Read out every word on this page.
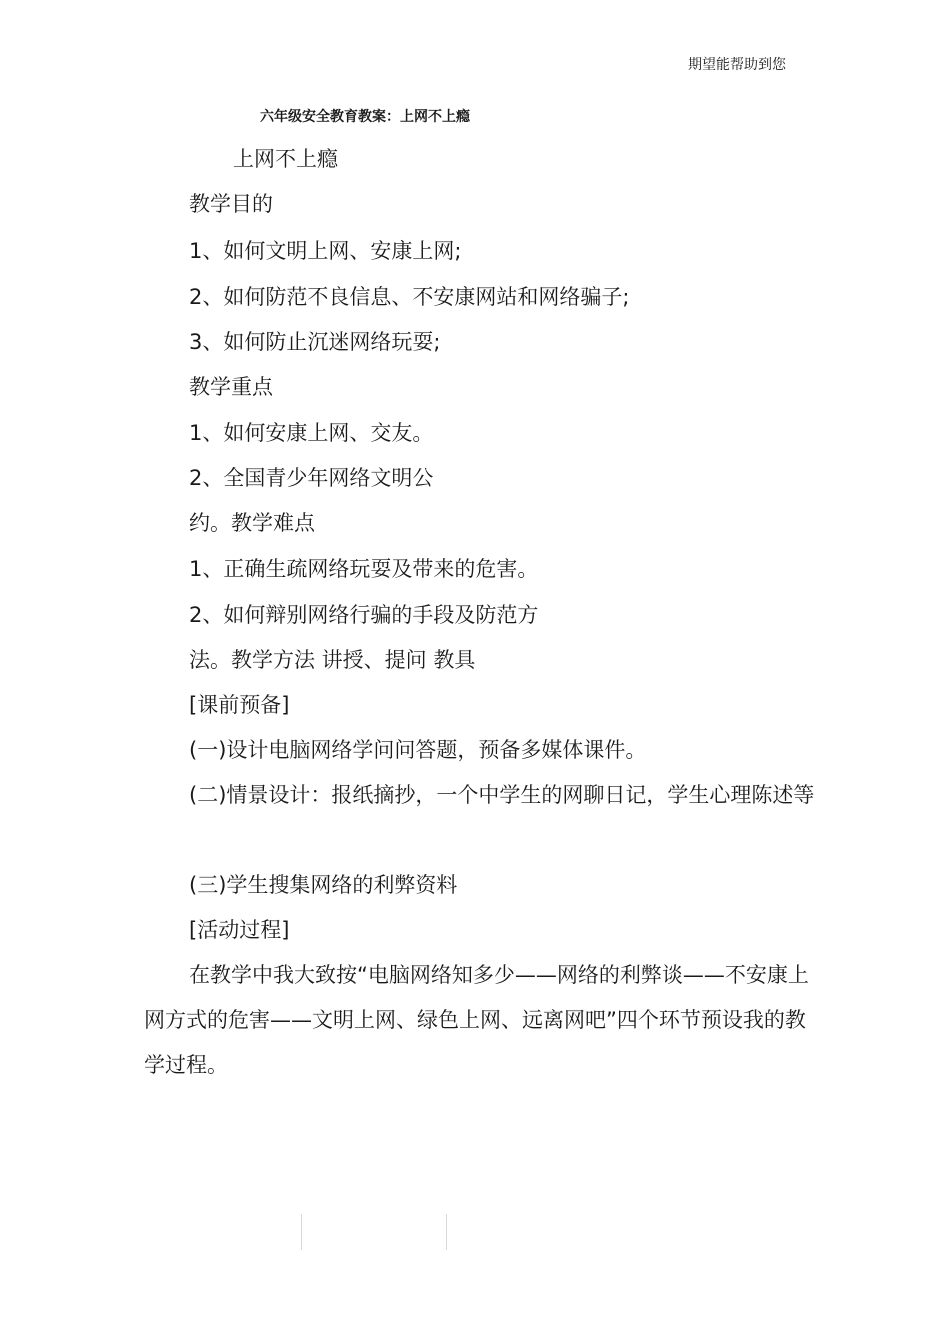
期望能帮助到您
六年级安全教育教案：上网不上瘾
上网不上瘾
教学目的
1、如何文明上网、安康上网;
2、如何防范不良信息、不安康网站和网络骗子;
3、如何防止沉迷网络玩耍;
教学重点
1、如何安康上网、交友。
2、全国青少年网络文明公
约。教学难点
1、正确生疏网络玩耍及带来的危害。
2、如何辩别网络行骗的手段及防范方
法。教学方法 讲授、提问 教具
[课前预备]
(一)设计电脑网络学问问答题，预备多媒体课件。
(二)情景设计：报纸摘抄，一个中学生的网聊日记，学生心理陈述等
(三)学生搜集网络的利弊资料
[活动过程]
在教学中我大致按“电脑网络知多少——网络的利弊谈——不安康上网方式的危害——文明上网、绿色上网、远离网吧”四个环节预设我的教学过程。
